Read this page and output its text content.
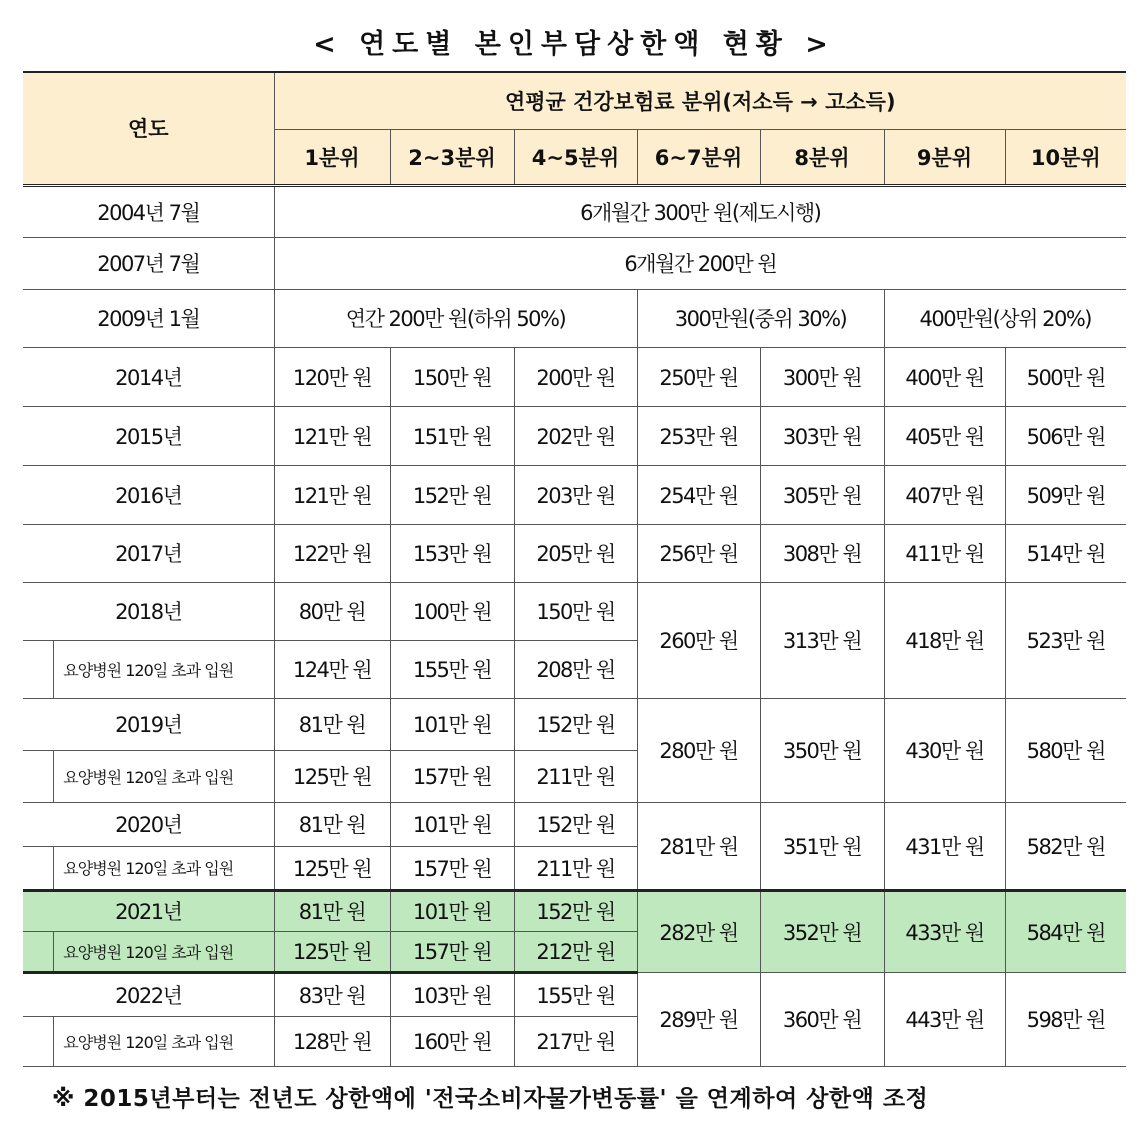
< 연도별 본인부담상한액 현황 >
연도	연평균 건강보험료 분위(저소득 → 고소득)						
	1분위	2~3분위	4~5분위	6~7분위	8분위	9분위	10분위
2004년 7월	6개월간 300만 원(제도시행)						
2007년 7월	6개월간 200만 원						
2009년 1월	연간 200만 원(하위 50%)			300만원(중위 30%)		400만원(상위 20%)	
2014년	120만 원	150만 원	200만 원	250만 원	300만 원	400만 원	500만 원
2015년	121만 원	151만 원	202만 원	253만 원	303만 원	405만 원	506만 원
2016년	121만 원	152만 원	203만 원	254만 원	305만 원	407만 원	509만 원
2017년	122만 원	153만 원	205만 원	256만 원	308만 원	411만 원	514만 원
2018년	80만 원	100만 원	150만 원	260만 원	313만 원	418만 원	523만 원
요양병원 120일 초과 입원	124만 원	155만 원	208만 원				
2019년	81만 원	101만 원	152만 원	280만 원	350만 원	430만 원	580만 원
요양병원 120일 초과 입원	125만 원	157만 원	211만 원				
2020년	81만 원	101만 원	152만 원	281만 원	351만 원	431만 원	582만 원
요양병원 120일 초과 입원	125만 원	157만 원	211만 원				
2021년	81만 원	101만 원	152만 원	282만 원	352만 원	433만 원	584만 원
요양병원 120일 초과 입원	125만 원	157만 원	212만 원				
2022년	83만 원	103만 원	155만 원	289만 원	360만 원	443만 원	598만 원
요양병원 120일 초과 입원	128만 원	160만 원	217만 원				
※ 2015년부터는 전년도 상한액에 '전국소비자물가변동률' 을 연계하여 상한액 조정
